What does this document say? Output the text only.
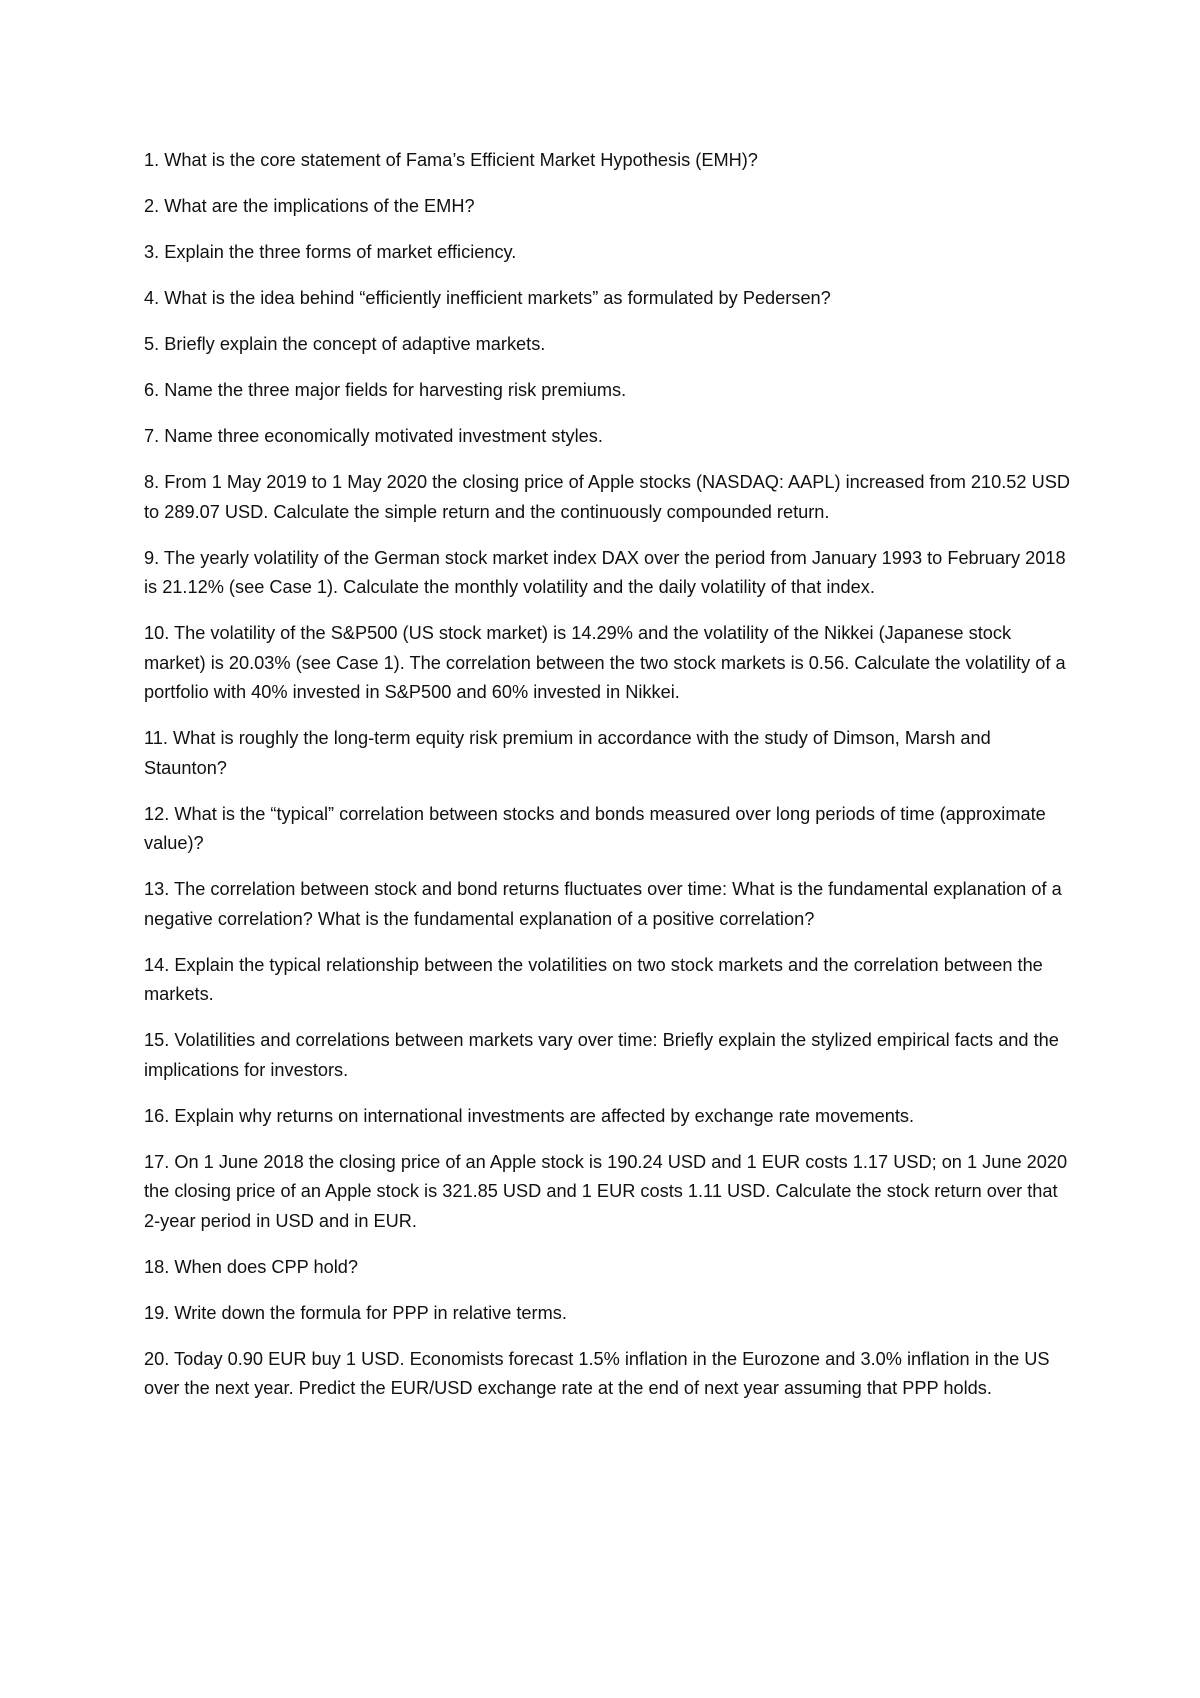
1. What is the core statement of Fama’s Efficient Market Hypothesis (EMH)?
2. What are the implications of the EMH?
3. Explain the three forms of market efficiency.
4. What is the idea behind “efficiently inefficient markets” as formulated by Pedersen?
5. Briefly explain the concept of adaptive markets.
6. Name the three major fields for harvesting risk premiums.
7. Name three economically motivated investment styles.
8. From 1 May 2019 to 1 May 2020 the closing price of Apple stocks (NASDAQ: AAPL) increased from 210.52 USD to 289.07 USD. Calculate the simple return and the continuously compounded return.
9. The yearly volatility of the German stock market index DAX over the period from January 1993 to February 2018 is 21.12% (see Case 1). Calculate the monthly volatility and the daily volatility of that index.
10. The volatility of the S&P500 (US stock market) is 14.29% and the volatility of the Nikkei (Japanese stock market) is 20.03% (see Case 1). The correlation between the two stock markets is 0.56. Calculate the volatility of a portfolio with 40% invested in S&P500 and 60% invested in Nikkei.
11. What is roughly the long-term equity risk premium in accordance with the study of Dimson, Marsh and Staunton?
12. What is the “typical” correlation between stocks and bonds measured over long periods of time (approximate value)?
13. The correlation between stock and bond returns fluctuates over time: What is the fundamental explanation of a negative correlation? What is the fundamental explanation of a positive correlation?
14. Explain the typical relationship between the volatilities on two stock markets and the correlation between the markets.
15. Volatilities and correlations between markets vary over time: Briefly explain the stylized empirical facts and the implications for investors.
16. Explain why returns on international investments are affected by exchange rate movements.
17. On 1 June 2018 the closing price of an Apple stock is 190.24 USD and 1 EUR costs 1.17 USD; on 1 June 2020 the closing price of an Apple stock is 321.85 USD and 1 EUR costs 1.11 USD. Calculate the stock return over that 2-year period in USD and in EUR.
18. When does CPP hold?
19. Write down the formula for PPP in relative terms.
20. Today 0.90 EUR buy 1 USD. Economists forecast 1.5% inflation in the Eurozone and 3.0% inflation in the US over the next year. Predict the EUR/USD exchange rate at the end of next year assuming that PPP holds.
